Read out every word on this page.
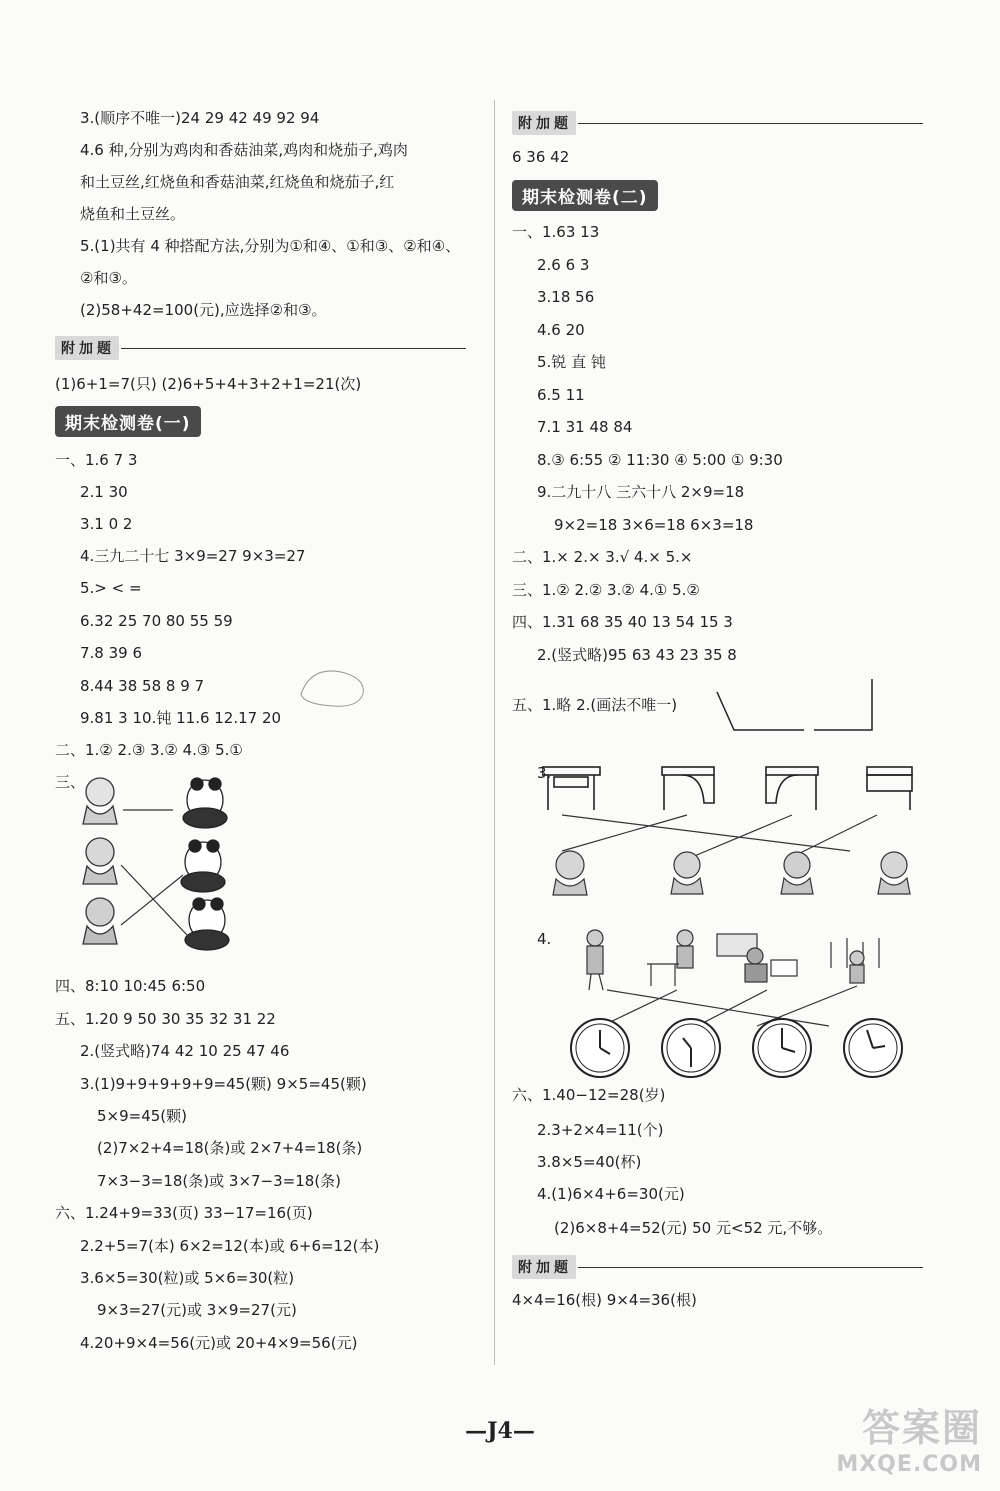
附加题
期末检测卷(一)
三、
3.(顺序不唯一)24 29 42 49 92 94
4.6 种,分别为鸡肉和香菇油菜,鸡肉和烧茄子,鸡肉
和土豆丝,红烧鱼和香菇油菜,红烧鱼和烧茄子,红
烧鱼和土豆丝。
5.(1)共有 4 种搭配方法,分别为①和④、①和③、②和④、
②和③。
(2)58+42=100(元),应选择②和③。
(1)6+1=7(只) (2)6+5+4+3+2+1=21(次)
一、1.6 7 3
2.1 30
3.1 0 2
4.三九二十七 3×9=27 9×3=27
5.> < =
6.32 25 70 80 55 59
7.8 39 6
8.44 38 58 8 9 7
9.81 3 10.钝 11.6 12.17 20
二、1.② 2.③ 3.② 4.③ 5.①
四、8:10 10:45 6:50
五、1.20 9 50 30 35 32 31 22
2.(竖式略)74 42 10 25 47 46
3.(1)9+9+9+9+9=45(颗) 9×5=45(颗)
5×9=45(颗)
(2)7×2+4=18(条)或 2×7+4=18(条)
7×3−3=18(条)或 3×7−3=18(条)
六、1.24+9=33(页) 33−17=16(页)
2.2+5=7(本) 6×2=12(本)或 6+6=12(本)
3.6×5=30(粒)或 5×6=30(粒)
9×3=27(元)或 3×9=27(元)
4.20+9×4=56(元)或 20+4×9=56(元)
附加题
期末检测卷(二)
3.
4.
附加题
6 36 42
一、1.63 13
2.6 6 3
3.18 56
4.6 20
5.锐 直 钝
6.5 11
7.1 31 48 84
8.③ 6:55 ② 11:30 ④ 5:00 ① 9:30
9.二九十八 三六十八 2×9=18
9×2=18 3×6=18 6×3=18
二、1.× 2.× 3.√ 4.× 5.×
三、1.② 2.② 3.② 4.① 5.②
四、1.31 68 35 40 13 54 15 3
2.(竖式略)95 63 43 23 35 8
五、1.略 2.(画法不唯一)
六、1.40−12=28(岁)
2.3+2×4=11(个)
3.8×5=40(杯)
4.(1)6×4+6=30(元)
(2)6×8+4=52(元) 50 元<52 元,不够。
4×4=16(根) 9×4=36(根)
—J4—	答案圈
MXQE.COM
